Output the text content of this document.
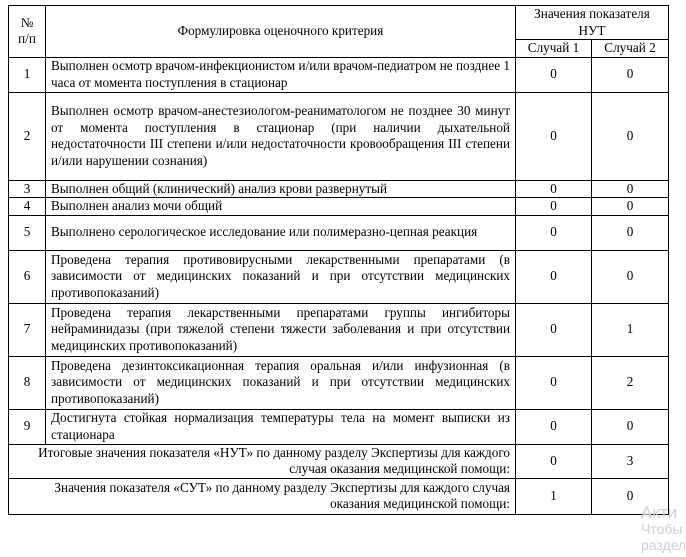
№ п/п	Формулировка оценочного критерия	Значения показателя НУТ	
		Случай 1	Случай 2
1	Выполнен осмотр врачом-инфекционистом и/или врачом-педиатром не позднее 1 часа от момента поступления в стационар	0	0
2	Выполнен осмотр врачом-анестезиологом-реаниматологом не позднее 30 минут от момента поступления в стационар (при наличии дыхательной недостаточности III степени и/или недостаточности кровообращения III степени и/или нарушении сознания)	0	0
3	Выполнен общий (клинический) анализ крови развернутый	0	0
4	Выполнен анализ мочи общий	0	0
5	Выполнено серологическое исследование или полимеразно-цепная реакция	0	0
6	Проведена терапия противовирусными лекарственными препаратами (в зависимости от медицинских показаний и при отсутствии медицинских противопоказаний)	0	0
7	Проведена терапия лекарственными препаратами группы ингибиторы нейраминидазы (при тяжелой степени тяжести заболевания и при отсутствии медицинских противопоказаний)	0	1
8	Проведена дезинтоксикационная терапия оральная и/или инфузионная (в зависимости от медицинских показаний и при отсутствии медицинских противопоказаний)	0	2
9	Достигнута стойкая нормализация температуры тела на момент выписки из стационара	0	0
Итоговые значения показателя «НУТ» по данному разделу Экспертизы для каждого случая оказания медицинской помощи:		0	3
Значения показателя «СУТ» по данному разделу Экспертизы для каждого случая оказания медицинской помощи:		1	0
Акти
Чтобы
раздел
